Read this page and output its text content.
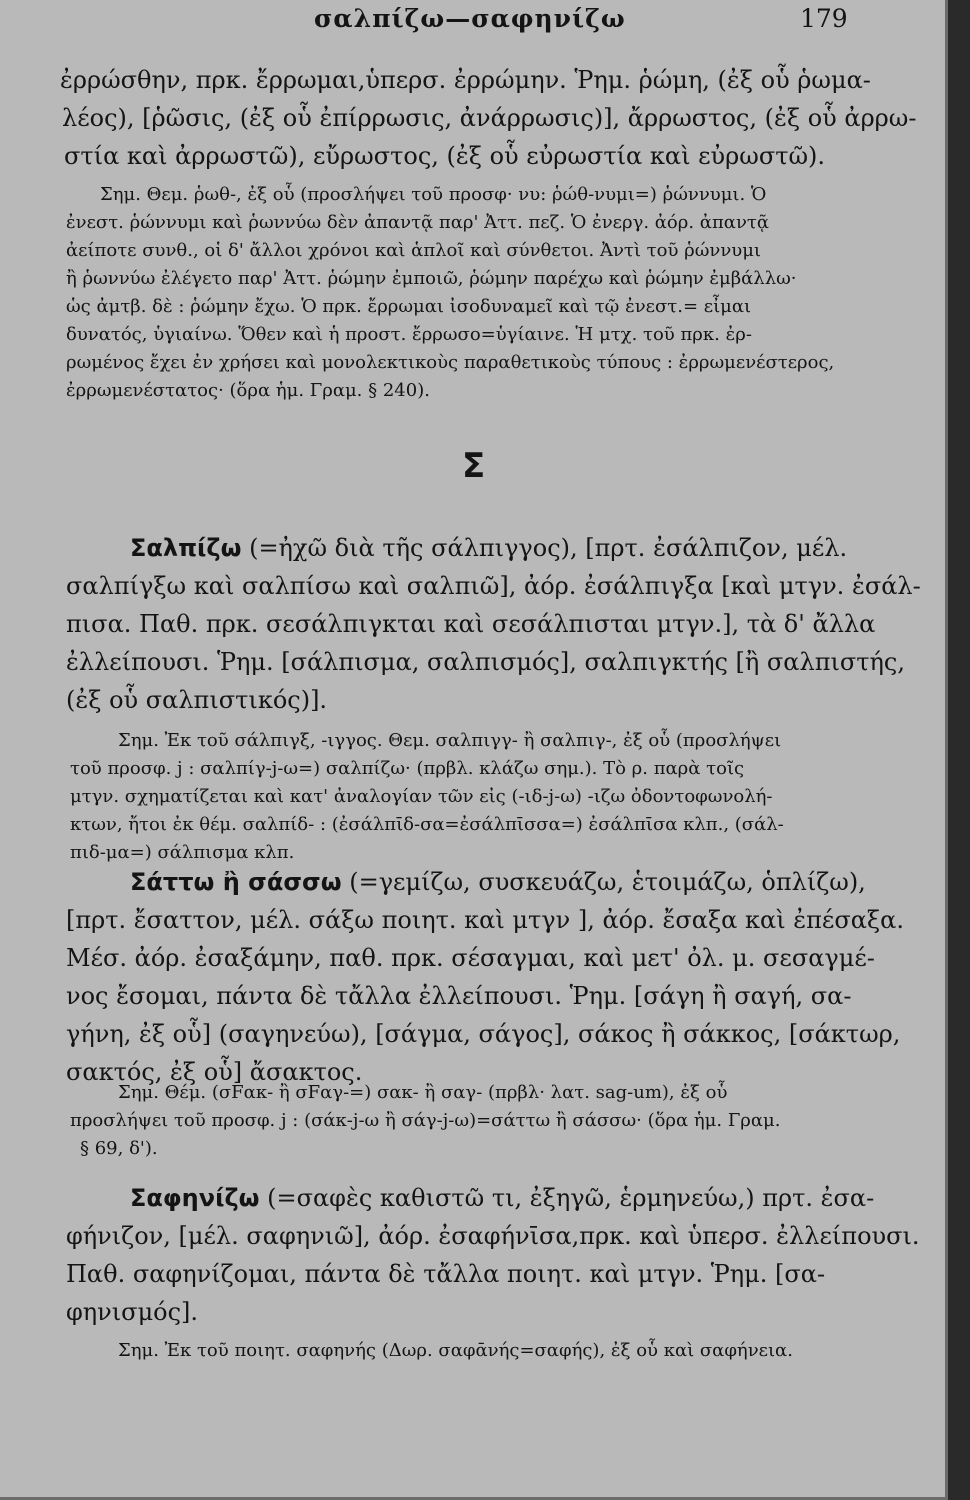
σαλπίζω—σαφηνίζω	179
ἐρρώσθην, πρκ. ἔρρωμαι,ὑπερσ. ἐρρώμην. Ῥημ. ῥώμη, (ἐξ οὗ ῥωμα-
λέος), [ῥῶσις, (ἐξ οὗ ἐπίρρωσις, ἀνάρρωσις)], ἄρρωστος, (ἐξ οὗ ἀρρω-
στία καὶ ἀρρωστῶ), εὔρωστος, (ἐξ οὗ εὐρωστία καὶ εὐρωστῶ).
Σημ. Θεμ. ῥωθ-, ἐξ οὗ (προσλήψει τοῦ προσφ· νυ: ῥώθ-νυμι=) ῥώννυμι. Ὁ
ἐνεστ. ῥώννυμι καὶ ῥωννύω δὲν ἀπαντᾷ παρ' Ἀττ. πεζ. Ὁ ἐνεργ. ἀόρ. ἀπαντᾷ
ἀείποτε συνθ., οἱ δ' ἄλλοι χρόνοι καὶ ἁπλοῖ καὶ σύνθετοι. Ἀντὶ τοῦ ῥώννυμι
ἢ ῥωννύω ἐλέγετο παρ' Ἀττ. ῥώμην ἐμποιῶ, ῥώμην παρέχω καὶ ῥώμην ἐμβάλλω·
ὡς ἀμτβ. δὲ : ῥώμην ἔχω. Ὁ πρκ. ἔρρωμαι ἰσοδυναμεῖ καὶ τῷ ἐνεστ.= εἶμαι
δυνατός, ὑγιαίνω. Ὅθεν καὶ ἡ προστ. ἔρρωσο=ὑγίαινε. Ἡ μτχ. τοῦ πρκ. ἐρ-
ρωμένος ἔχει ἐν χρήσει καὶ μονολεκτικοὺς παραθετικοὺς τύπους : ἐρρωμενέστερος,
ἐρρωμενέστατος· (ὅρα ἡμ. Γραμ. § 240).
Σ
Σαλπίζω (=ἠχῶ διὰ τῆς σάλπιγγος), [πρτ. ἐσάλπιζον, μέλ.
σαλπίγξω καὶ σαλπίσω καὶ σαλπιῶ], ἀόρ. ἐσάλπιγξα [καὶ μτγν. ἐσάλ-
πισα. Παθ. πρκ. σεσάλπιγκται καὶ σεσάλπισται μτγν.], τὰ δ' ἄλλα
ἐλλείπουσι. Ῥημ. [σάλπισμα, σαλπισμός], σαλπιγκτής [ἢ σαλπιστής,
(ἐξ οὗ σαλπιστικός)].
Σημ. Ἐκ τοῦ σάλπιγξ, -ιγγος. Θεμ. σαλπιγγ- ἢ σαλπιγ-, ἐξ οὗ (προσλήψει
τοῦ προσφ. j : σαλπίγ-j-ω=) σαλπίζω· (πρβλ. κλάζω σημ.). Τὸ ρ. παρὰ τοῖς
μτγν. σχηματίζεται καὶ κατ' ἀναλογίαν τῶν εἰς (-ιδ-j-ω) -ιζω ὀδοντοφωνολή-
κτων, ἤτοι ἐκ θέμ. σαλπίδ- : (ἐσάλπῑδ-σα=ἐσάλπῑσσα=) ἐσάλπῑσα κλπ., (σάλ-
πιδ-μα=) σάλπισμα κλπ.
Σάττω ἢ σάσσω (=γεμίζω, συσκευάζω, ἑτοιμάζω, ὁπλίζω),
[πρτ. ἔσαττον, μέλ. σάξω ποιητ. καὶ μτγν ], ἀόρ. ἔσαξα καὶ ἐπέσαξα.
Μέσ. ἀόρ. ἐσαξάμην, παθ. πρκ. σέσαγμαι, καὶ μετ' ὀλ. μ. σεσαγμέ-
νος ἔσομαι, πάντα δὲ τἄλλα ἐλλείπουσι. Ῥημ. [σάγη ἢ σαγή, σα-
γήνη, ἐξ οὗ] (σαγηνεύω), [σάγμα, σάγος], σάκος ἢ σάκκος, [σάκτωρ,
σακτός, ἐξ οὗ] ἄσακτος.
Σημ. Θέμ. (σFακ- ἢ σFαγ-=) σακ- ἢ σαγ- (πρβλ· λατ. sag-um), ἐξ οὗ
προσλήψει τοῦ προσφ. j : (σάκ-j-ω ἢ σάγ-j-ω)=σάττω ἢ σάσσω· (ὅρα ἡμ. Γραμ.
§ 69, δ').
Σαφηνίζω (=σαφὲς καθιστῶ τι, ἐξηγῶ, ἑρμηνεύω,) πρτ. ἐσα-
φήνιζον, [μέλ. σαφηνιῶ], ἀόρ. ἐσαφήνῑσα,πρκ. καὶ ὑπερσ. ἐλλείπουσι.
Παθ. σαφηνίζομαι, πάντα δὲ τἄλλα ποιητ. καὶ μτγν. Ῥημ. [σα-
φηνισμός].
Σημ. Ἐκ τοῦ ποιητ. σαφηνής (Δωρ. σαφᾱνής=σαφής), ἐξ οὗ καὶ σαφήνεια.
